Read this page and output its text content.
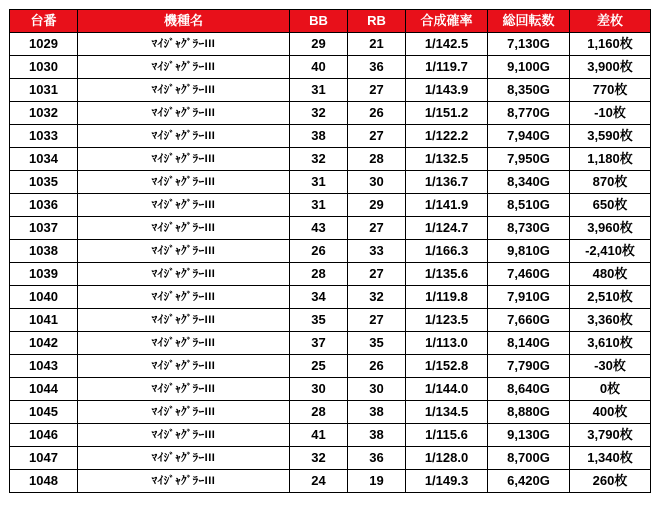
台番	機種名	BB	RB	合成確率	総回転数	差枚
1029	ﾏｲｼﾞｬｸﾞﾗｰIII	29	21	1/142.5	7,130G	1,160枚
1030	ﾏｲｼﾞｬｸﾞﾗｰIII	40	36	1/119.7	9,100G	3,900枚
1031	ﾏｲｼﾞｬｸﾞﾗｰIII	31	27	1/143.9	8,350G	770枚
1032	ﾏｲｼﾞｬｸﾞﾗｰIII	32	26	1/151.2	8,770G	-10枚
1033	ﾏｲｼﾞｬｸﾞﾗｰIII	38	27	1/122.2	7,940G	3,590枚
1034	ﾏｲｼﾞｬｸﾞﾗｰIII	32	28	1/132.5	7,950G	1,180枚
1035	ﾏｲｼﾞｬｸﾞﾗｰIII	31	30	1/136.7	8,340G	870枚
1036	ﾏｲｼﾞｬｸﾞﾗｰIII	31	29	1/141.9	8,510G	650枚
1037	ﾏｲｼﾞｬｸﾞﾗｰIII	43	27	1/124.7	8,730G	3,960枚
1038	ﾏｲｼﾞｬｸﾞﾗｰIII	26	33	1/166.3	9,810G	-2,410枚
1039	ﾏｲｼﾞｬｸﾞﾗｰIII	28	27	1/135.6	7,460G	480枚
1040	ﾏｲｼﾞｬｸﾞﾗｰIII	34	32	1/119.8	7,910G	2,510枚
1041	ﾏｲｼﾞｬｸﾞﾗｰIII	35	27	1/123.5	7,660G	3,360枚
1042	ﾏｲｼﾞｬｸﾞﾗｰIII	37	35	1/113.0	8,140G	3,610枚
1043	ﾏｲｼﾞｬｸﾞﾗｰIII	25	26	1/152.8	7,790G	-30枚
1044	ﾏｲｼﾞｬｸﾞﾗｰIII	30	30	1/144.0	8,640G	0枚
1045	ﾏｲｼﾞｬｸﾞﾗｰIII	28	38	1/134.5	8,880G	400枚
1046	ﾏｲｼﾞｬｸﾞﾗｰIII	41	38	1/115.6	9,130G	3,790枚
1047	ﾏｲｼﾞｬｸﾞﾗｰIII	32	36	1/128.0	8,700G	1,340枚
1048	ﾏｲｼﾞｬｸﾞﾗｰIII	24	19	1/149.3	6,420G	260枚
